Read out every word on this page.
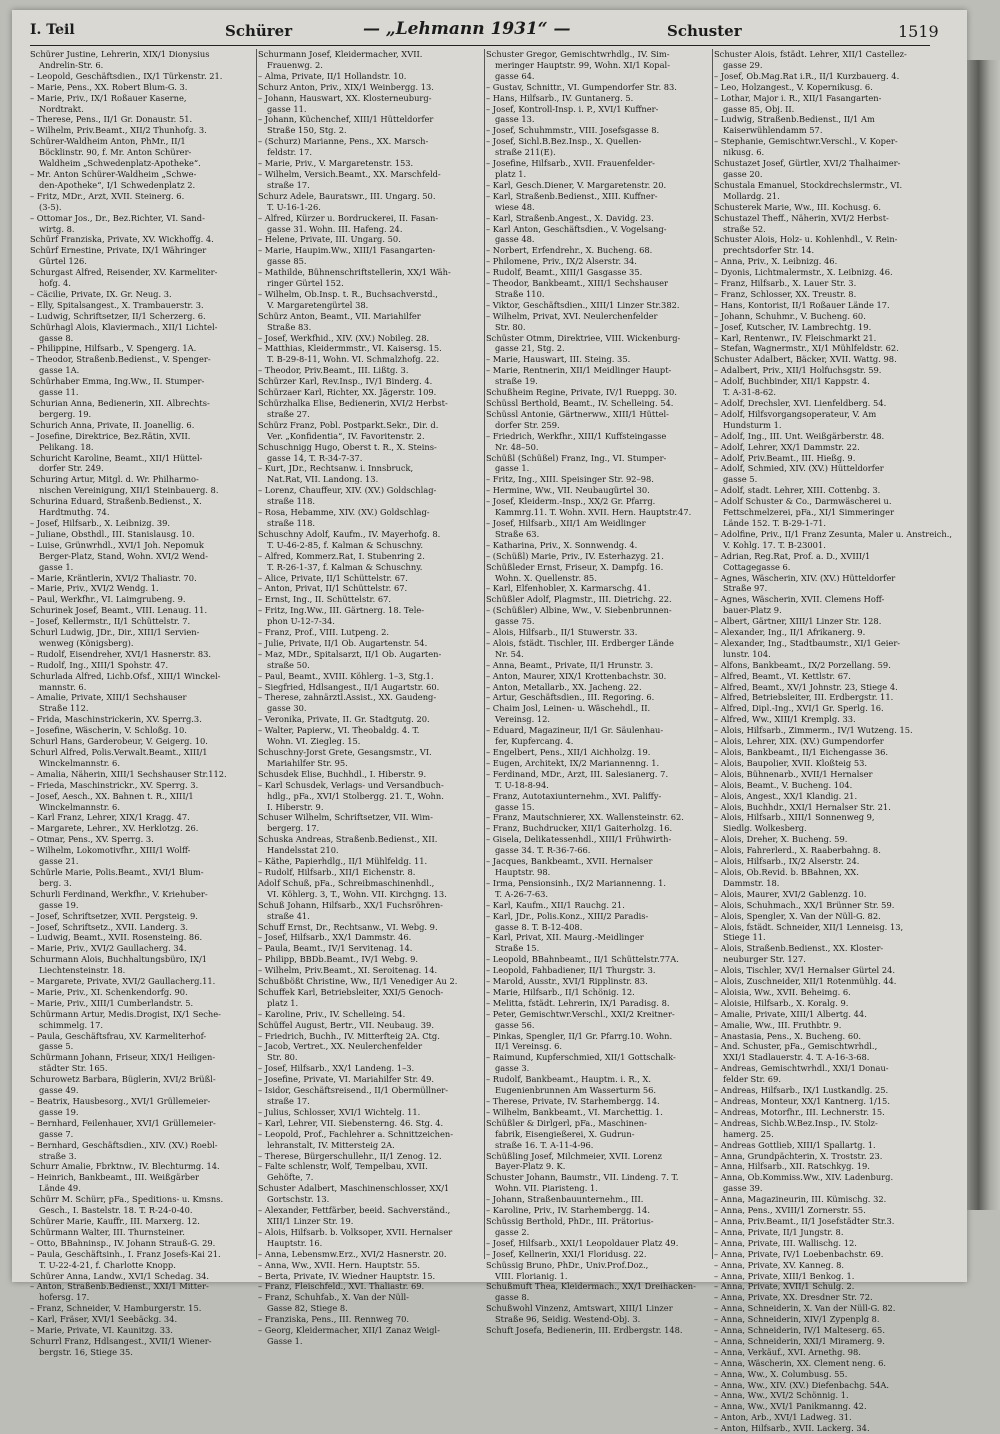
I. Teil	Schürer	— „Lehmann 1931“ —	Schuster	1519
Schürer Justine, Lehrerin, XIX/1 Dionysius
Andrelin-Str. 6.
– Leopold, Geschäftsdien., IX/1 Türkenstr. 21.
– Marie, Pens., XX. Robert Blum-G. 3.
– Marie, Priv., IX/1 Roßauer Kaserne,
Nordtrakt.
– Therese, Pens., II/1 Gr. Donaustr. 51.
– Wilhelm, Priv.Beamt., XII/2 Thunhofg. 3.
Schürer-Waldheim Anton, PhMr., II/1
Böcklinstr. 90, f. Mr. Anton Schürer-
Waldheim „Schwedenplatz-Apotheke“.
– Mr. Anton Schürer-Waldheim „Schwe-
den-Apotheke“, I/1 Schwedenplatz 2.
– Fritz, MDr., Arzt, XVII. Steinerg. 6.
(3-5).
– Ottomar Jos., Dr., Bez.Richter, VI. Sand-
wirtg. 8.
Schürf Franziska, Private, XV. Wickhoffg. 4.
Schürf Ernestine, Private, IX/1 Währinger
Gürtel 126.
Schurgast Alfred, Reisender, XV. Karmeliter-
hofg. 4.
– Cäcilie, Private, IX. Gr. Neug. 3.
– Elly, Spitalsangest., X. Trambauerstr. 3.
– Ludwig, Schriftsetzer, II/1 Scherzerg. 6.
Schürhagl Alois, Klaviermach., XII/1 Lichtel-
gasse 8.
– Philippine, Hilfsarb., V. Spengerg. 1A.
– Theodor, Straßenb.Bedienst., V. Spenger-
gasse 1A.
Schürhaber Emma, Ing.Ww., II. Stumper-
gasse 11.
Schurian Anna, Bedienerin, XII. Albrechts-
bergerg. 19.
Schurich Anna, Private, II. Joanellig. 6.
– Josefine, Direktrice, Bez.Rätin, XVII.
Pelikang. 18.
Schuricht Karoline, Beamt., XII/1 Hüttel-
dorfer Str. 249.
Schuring Artur, Mitgl. d. Wr. Philharmo-
nischen Vereinigung, XII/1 Steinbauerg. 8.
Schurina Eduard, Straßenb.Bedienst., X.
Hardtmuthg. 74.
– Josef, Hilfsarb., X. Leibnizg. 39.
– Juliane, Obsthdl., III. Stanislausg. 10.
– Luise, Grünwrhdl., XVI/1 Joh. Nepomuk
Berger-Platz, Stand, Wohn. XVI/2 Wend-
gasse 1.
– Marie, Kräntlerin, XVI/2 Thaliastr. 70.
– Marie, Priv., XVI/2 Wendg. 1.
– Paul, Werkfhr., VI. Laimgrubeng. 9.
Schurinek Josef, Beamt., VIII. Lenaug. 11.
– Josef, Kellermstr., II/1 Schüttelstr. 7.
Schurl Ludwig, JDr., Dir., XIII/1 Servien-
wenweg (Königsberg).
– Rudolf, Eisendreher, XVI/1 Hasnerstr. 83.
– Rudolf, Ing., XIII/1 Spohstr. 47.
Schurlada Alfred, Lichb.Ofsf., XIII/1 Winckel-
mannstr. 6.
– Amalie, Private, XIII/1 Sechshauser
Straße 112.
– Frida, Maschinstrickerin, XV. Sperrg.3.
– Josefine, Wäscherin, V. Schloßg. 10.
Schurl Hans, Garderobeur, V. Geigerg. 10.
Schurl Alfred, Polis.Verwalt.Beamt., XIII/1
Winckelmannstr. 6.
– Amalia, Näherin, XIII/1 Sechshauser Str.112.
– Frieda, Maschinstrickr., XV. Sperrg. 3.
– Josef, Aesch., XX. Bahnen t. R., XIII/1
Winckelmannstr. 6.
– Karl Franz, Lehrer, XIX/1 Kragg. 47.
– Margarete, Lehrer., XV. Herklotzg. 26.
– Otmar, Pens., XV. Sperrg. 3.
– Wilhelm, Lokomotivfhr., XIII/1 Wolff-
gasse 21.
Schürle Marie, Polis.Beamt., XVI/1 Blum-
berg. 3.
Schurli Ferdinand, Werkfhr., V. Kriehuber-
gasse 19.
– Josef, Schriftsetzer, XVII. Pergsteig. 9.
– Josef, Schriftsetz., XVII. Landerg. 3.
– Ludwig, Beamt., XVII. Rosensteing. 86.
– Marie, Priv., XVI/2 Gaullacherg. 34.
Schurmann Alois, Buchhaltungsbüro, IX/1
Liechtensteinstr. 18.
– Margarete, Private, XVI/2 Gaullacherg.11.
– Marie, Priv., XI. Schenkendorfg. 90.
– Marie, Priv., XIII/1 Cumberlandstr. 5.
Schürmann Artur, Medis.Drogist, IX/1 Seche-
schimmelg. 17.
– Paula, Geschäftsfrau, XV. Karmeliterhof-
gasse 5.
Schürmann Johann, Friseur, XIX/1 Heiligen-
städter Str. 165.
Schurowetz Barbara, Büglerin, XVI/2 Brüßl-
gasse 49.
– Beatrix, Hausbesorg., XVI/1 Grüllemeier-
gasse 19.
– Bernhard, Feilenhauer, XVI/1 Grüllemeier-
gasse 7.
– Bernhard, Geschäftsdien., XIV. (XV.) Roebl-
straße 3.
Schurr Amalie, Fbrktnw., IV. Blechturmg. 14.
– Heinrich, Bankbeamt., III. Weißgärber
Lände 49.
Schürr M. Schürr, pFa., Speditions- u. Kmsns.
Gesch., I. Bastelstr. 18. T. R-24-0-40.
Schürer Marie, Kauffr., III. Marxerg. 12.
Schürmann Walter, III. Thurnsteiner.
– Otto, BBahninsp., IV. Johann Strauß-G. 29.
– Paula, Geschäftsinh., I. Franz Josefs-Kai 21.
T. U-22-4-21, f. Charlotte Knopp.
Schürer Anna, Landw., XVI/1 Schedag. 34.
– Anton, Straßenb.Bedienst., XXI/1 Mitter-
hofersg. 17.
– Franz, Schneider, V. Hamburgerstr. 15.
– Karl, Fräser, XVI/1 Seebäckg. 34.
– Marie, Private, VI. Kaunitzg. 33.
Schurrl Franz, Hdlsangest., XVII/1 Wiener-
bergstr. 16, Stiege 35.
Schurmann Josef, Kleidermacher, XVII.
Frauenwg. 2.
– Alma, Private, II/1 Hollandstr. 10.
Schurz Anton, Priv., XIX/1 Weinbergg. 13.
– Johann, Hauswart, XX. Klosterneuburg-
gasse 11.
– Johann, Küchenchef, XIII/1 Hütteldorfer
Straße 150, Stg. 2.
– (Schurz) Marianne, Pens., XX. Marsch-
feldstr. 17.
– Marie, Priv., V. Margaretenstr. 153.
– Wilhelm, Versich.Beamt., XX. Marschfeld-
straße 17.
Schurz Adele, Bauratswr., III. Ungarg. 50.
T. U-16-1-26.
– Alfred, Kürzer u. Bordruckerei, II. Fasan-
gasse 31. Wohn. III. Hafeng. 24.
– Helene, Private, III. Ungarg. 50.
– Marie, Haupim.Ww., XIII/1 Fasangarten-
gasse 85.
– Mathilde, Bühnenschriftstellerin, XX/1 Wäh-
ringer Gürtel 152.
– Wilhelm, Ob.Insp. t. R., Buchsachverstd.,
V. Margaretengürtel 38.
Schürz Anton, Beamt., VII. Mariahilfer
Straße 83.
– Josef, Werkfhid., XIV. (XV.) Nobileg. 28.
– Matthias, Kleidermmstr., VI. Kaisersg. 15.
T. B-29-8-11, Wohn. VI. Schmalzhofg. 22.
– Theodor, Priv.Beamt., III. Lißtg. 3.
Schürzer Karl, Rev.Insp., IV/1 Binderg. 4.
Schürzaer Karl, Richter, XX. Jägerstr. 109.
Schürzhalka Elise, Bedienerin, XVI/2 Herbst-
straße 27.
Schürz Franz, Pobl. Postparkt.Sekr., Dir. d.
Ver. „Konfidentia“, IV. Favoritenstr. 2.
Schuschnigg Hugo, Oberst t. R., X. Steins-
gasse 14, T. R-34-7-37.
– Kurt, JDr., Rechtsanw. i. Innsbruck,
Nat.Rat, VII. Landong. 13.
– Lorenz, Chauffeur, XIV. (XV.) Goldschlag-
straße 118.
– Rosa, Hebamme, XIV. (XV.) Goldschlag-
straße 118.
Schuschny Adolf, Kaufm., IV. Mayerhofg. 8.
T. U-46-2-85, f. Kalman & Schuschny.
– Alfred, Kommerz.Rat, I. Stubenring 2.
T. R-26-1-37, f. Kalman & Schuschny.
– Alice, Private, II/1 Schüttelstr. 67.
– Anton, Privat, II/1 Schüttelstr. 67.
– Ernst, Ing., II. Schüttelstr. 67.
– Fritz, Ing.Ww., III. Gärtnerg. 18. Tele-
phon U-12-7-34.
– Franz, Prof., VIII. Lutpeng. 2.
– Julie, Private, II/1 Ob. Augartenstr. 54.
– Maz, MDr., Spitalsarzt, II/1 Ob. Augarten-
straße 50.
– Paul, Beamt., XVIII. Köhlerg. 1–3, Stg.1.
– Siegfried, Hdlsangest., II/1 Augartstr. 60.
– Therese, zahnärztl.Assist., XX. Gaudeng-
gasse 30.
– Veronika, Private, II. Gr. Stadtgutg. 20.
– Walter, Papierw., VI. Theobaldg. 4. T.
Wohn. VI. Ziegleg. 15.
Schuschny-Jorst Grete, Gesangsmstr., VI.
Mariahilfer Str. 95.
Schusdek Elise, Buchhdl., I. Hiberstr. 9.
– Karl Schusdek, Verlags- und Versandbuch-
hdlg., pFa., XVI/1 Stolbergg. 21. T., Wohn.
I. Hiberstr. 9.
Schuser Wilhelm, Schriftsetzer, VII. Wim-
bergerg. 17.
Schuska Andreas, Straßenb.Bedienst., XII.
Handelsstat 210.
– Käthe, Papierhdlg., II/1 Mühlfeldg. 11.
– Rudolf, Hilfsarb., XII/1 Eichenstr. 8.
Adolf Schuß, pFa., Schreibmaschinenhdl.,
VI. Köhlerg. 3, T., Wohn. VII. Kirchgng. 13.
Schuß Johann, Hilfsarb., XX/1 Fuchsröhren-
straße 41.
Schuff Ernst, Dr., Rechtsanw., VI. Webg. 9.
– Josef, Hilfsarb., XX/1 Dammstr. 46.
– Paula, Beamt., IV/1 Servitenag. 14.
– Philipp, BBDb.Beamt., IV/1 Webg. 9.
– Wilhelm, Priv.Beamt., XI. Seroitenag. 14.
Schußbößt Christine, Ww., II/1 Venediger Au 2.
Schuffek Karl, Betriebsleiter, XXI/5 Genoch-
platz 1.
– Karoline, Priv., IV. Schelleing. 54.
Schüffel August, Bertr., VII. Neubaug. 39.
– Friedrich, Buchh., IV. Mitterfteig 2A. Ctg.
– Jacob, Vertret., XX. Neulerchenfelder
Str. 80.
– Josef, Hilfsarb., XX/1 Landeng. 1–3.
– Josefine, Private, VI. Mariahilfer Str. 49.
– Isidor, Geschäftsreisend., II/1 Obermüllner-
straße 17.
– Julius, Schlosser, XVI/1 Wichtelg. 11.
– Karl, Lehrer, VII. Siebensterng. 46. Stg. 4.
– Leopold, Prof., Fachlehrer a. Schnittzeichen-
lehranstalt, IV. Mittersteig 2A.
– Therese, Bürgerschullehr., II/1 Zenog. 12.
– Falte schlenstr, Wolf, Tempelbau, XVII.
Gehöfte, 7.
Schuster Adalbert, Maschinenschlosser, XX/1
Gortschstr. 13.
– Alexander, Fettfärber, beeid. Sachverständ.,
XIII/1 Linzer Str. 19.
– Alois, Hilfsarb. b. Volksoper, XVII. Hernalser
Hauptstr. 16.
– Anna, Lebensmw.Erz., XVI/2 Hasnerstr. 20.
– Anna, Ww., XVII. Hern. Hauptstr. 55.
– Berta, Private, IV. Wiedner Hauptstr. 15.
– Franz, Fleischfeld., XVI. Thaliastr. 69.
– Franz, Schuhfab., X. Van der Nüll-
Gasse 82, Stiege 8.
– Franziska, Pens., III. Rennweg 70.
– Georg, Kleidermacher, XII/1 Zanaz Weigl-
Gasse 1.
Schuster Gregor, Gemischtwrhdlg., IV. Sim-
meringer Hauptstr. 99, Wohn. XI/1 Kopal-
gasse 64.
– Gustav, Schnittr., VI. Gumpendorfer Str. 83.
– Hans, Hilfsarb., IV. Guntanerg. 5.
– Josef, Kontroll-Insp. i. P., XVI/1 Kuffner-
gasse 13.
– Josef, Schuhmmstr., VIII. Josefsgasse 8.
– Josef, Sichl.B.Bez.Insp., X. Quellen-
straße 211(E).
– Josefine, Hilfsarb., XVII. Frauenfelder-
platz 1.
– Karl, Gesch.Diener, V. Margaretenstr. 20.
– Karl, Straßenb.Bedienst., XIII. Kuffner-
wiese 48.
– Karl, Straßenb.Angest., X. Davidg. 23.
– Karl Anton, Geschäftsdien., V. Vogelsang-
gasse 48.
– Norbert, Erfendrehr., X. Bucheng. 68.
– Philomene, Priv., IX/2 Alserstr. 34.
– Rudolf, Beamt., XIII/1 Gasgasse 35.
– Theodor, Bankbeamt., XIII/1 Sechshauser
Straße 110.
– Viktor, Geschäftsdien., XIII/1 Linzer Str.382.
– Wilhelm, Privat, XVI. Neulerchenfelder
Str. 80.
Schüster Otmm, Direktriee, VIII. Wickenburg-
gasse 21, Stg. 2.
– Marie, Hauswart, III. Steing. 35.
– Marie, Rentnerin, XII/1 Meidlinger Haupt-
straße 19.
Schußheim Regine, Private, IV/1 Rueppg. 30.
Schüssl Berthold, Beamt., IV. Schelleing. 54.
Schüssl Antonie, Gärtnerww., XIII/1 Hüttel-
dorfer Str. 259.
– Friedrich, Werkfhr., XIII/1 Kuffsteingasse
Nr. 48–50.
Schüßl (Schüßel) Franz, Ing., VI. Stumper-
gasse 1.
– Fritz, Ing., XIII. Speisinger Str. 92–98.
– Hermine, Ww., VII. Neubaugürtel 30.
– Josef, Kleiderm.-Insp., XX/2 Gr. Pfarrg.
Kammrg.11. T. Wohn. XVII. Hern. Hauptstr.47.
– Josef, Hilfsarb., XII/1 Am Weidlinger
Straße 63.
– Katharina, Priv., X. Sonnwendg. 4.
– (Schüßl) Marie, Priv., IV. Esterhazyg. 21.
Schüßleder Ernst, Friseur, X. Dampfg. 16.
Wohn. X. Quellenstr. 85.
– Karl, Elfenhobler, X. Karmarschg. 41.
Schüßler Adolf, Plagmstr., III. Dietrichg. 22.
– (Schüßler) Albine, Ww., V. Siebenbrunnen-
gasse 75.
– Alois, Hilfsarb., II/1 Stuwerstr. 33.
– Alois, fstädt. Tischler, III. Erdberger Lände
Nr. 54.
– Anna, Beamt., Private, II/1 Hrunstr. 3.
– Anton, Maurer, XIX/1 Krottenbachstr. 30.
– Anton, Metallarb., XX. Jacheng. 22.
– Artur, Geschäftsdien., III. Regoring. 6.
– Chaim Josl, Leinen- u. Wäschehdl., II.
Vereinsg. 12.
– Eduard, Magazineur, II/1 Gr. Säulenhau-
fer, Kupfercang. 4.
– Engelbert, Pens., XII/1 Aichholzg. 19.
– Eugen, Architekt, IX/2 Mariannenng. 1.
– Ferdinand, MDr., Arzt, III. Salesianerg. 7.
T. U-18-8-94.
– Franz, Autotaxiunternehm., XVI. Paliffy-
gasse 15.
– Franz, Mautschnierer, XX. Wallensteinstr. 62.
– Franz, Buchdrucker, XII/1 Gaiterholzg. 16.
– Gisela, Delikatessenhdl., XIII/1 Frühwirth-
gasse 34. T. R-36-7-66.
– Jacques, Bankbeamt., XVII. Hernalser
Hauptstr. 98.
– Irma, Pensionsinh., IX/2 Mariannenng. 1.
T. A-26-7-63.
– Karl, Kaufm., XII/1 Rauchg. 21.
– Karl, JDr., Polis.Konz., XIII/2 Paradis-
gasse 8. T. B-12-408.
– Karl, Privat, XII. Maurg.-Meidlinger
Straße 15.
– Leopold, BBahnbeamt., II/1 Schüttelstr.77A.
– Leopold, Fahbadiener, II/1 Thurgstr. 3.
– Marold, Ausstr., XVI/1 Ripplinstr. 83.
– Marie, Hilfsarb., II/1 Schönig. 12.
– Melitta, fstädt. Lehrerin, IX/1 Paradisg. 8.
– Peter, Gemischtwr.Verschl., XXI/2 Kreitner-
gasse 56.
– Pinkas, Spengler, II/1 Gr. Pfarrg.10. Wohn.
II/1 Vereinsg. 6.
– Raimund, Kupferschmied, XII/1 Gottschalk-
gasse 3.
– Rudolf, Bankbeamt., Hauptm. i. R., X.
Eugenienbrunnen Am Wasserturm 56.
– Therese, Private, IV. Starhembergg. 14.
– Wilhelm, Bankbeamt., VI. Marchettig. 1.
Schüßler & Dirlgerl, pFa., Maschinen-
fabrik, Eisengießerei, X. Gudrun-
straße 16. T. A-11-4-96.
Schüßling Josef, Milchmeier, XVII. Lorenz
Bayer-Platz 9. K.
Schuster Johann, Baumstr., VII. Lindeng. 7. T.
Wohn. VII. Piaristeng. 1.
– Johann, Straßenbauunternehm., III.
– Karoline, Priv., IV. Starhembergg. 14.
Schüssig Berthold, PhDr., III. Prätorius-
gasse 2.
– Josef, Hilfsarb., XXI/1 Leopoldauer Platz 49.
– Josef, Kellnerin, XXI/1 Floridusg. 22.
Schüssig Bruno, PhDr., Univ.Prof.Doz.,
VIII. Florianig. 1.
Schußmuft Thea, Kleidermach., XX/1 Dreihacken-
gasse 8.
Schußwohl Vinzenz, Amtswart, XIII/1 Linzer
Straße 96, Seidig. Westend-Obj. 3.
Schuft Josefa, Bedienerin, III. Erdbergstr. 148.
Schuster Alois, fstädt. Lehrer, XII/1 Castellez-
gasse 29.
– Josef, Ob.Mag.Rat i.R., II/1 Kurzbauerg. 4.
– Leo, Holzangest., V. Kopernikusg. 6.
– Lothar, Major i. R., XII/1 Fasangarten-
gasse 85, Obj. II.
– Ludwig, Straßenb.Bedienst., II/1 Am
Kaiserwühlendamm 57.
– Stephanie, Gemischtwr.Verschl., V. Koper-
nikusg. 6.
Schustazet Josef, Gürtler, XVI/2 Thalhaimer-
gasse 20.
Schustala Emanuel, Stockdrechslermstr., VI.
Mollardg. 21.
Schusterek Marie, Ww., III. Kochusg. 6.
Schustazel Theff., Näherin, XVI/2 Herbst-
straße 52.
Schuster Alois, Holz- u. Kohlenhdl., V. Rein-
prechtsdorfer Str. 14.
– Anna, Priv., X. Leibnizg. 46.
– Dyonis, Lichtmalermstr., X. Leibnizg. 46.
– Franz, Hilfsarb., X. Lauer Str. 3.
– Franz, Schlosser, XX. Treustr. 8.
– Hans, Kontorist, II/1 Roßauer Lände 17.
– Johann, Schuhmr., V. Bucheng. 60.
– Josef, Kutscher, IV. Lambrechtg. 19.
– Karl, Rentenwr., IV. Fleischmarkt 21.
– Stefan, Wagnermstr., XI/1 Mühlfeldstr. 62.
Schuster Adalbert, Bäcker, XVII. Wattg. 98.
– Adalbert, Priv., XII/1 Holfuchsgstr. 59.
– Adolf, Buchbinder, XII/1 Kappstr. 4.
T. A-31-8-62.
– Adolf, Drechsler, XVI. Lienfeldberg. 54.
– Adolf, Hilfsvorgangsoperateur, V. Am
Hundsturm 1.
– Adolf, Ing., III. Unt. Weißgärberstr. 48.
– Adolf, Lehrer, XX/1 Dammstr. 22.
– Adolf, Priv.Beamt., III. Hießg. 9.
– Adolf, Schmied, XIV. (XV.) Hütteldorfer
gasse 5.
– Adolf, stadt. Lehrer, XIII. Cottenbg. 3.
– Adolf Schuster & Co., Darmwäscherei u.
Fettschmelzerei, pFa., XI/1 Simmeringer
Lände 152. T. B-29-1-71.
– Adolfine, Priv., II/1 Franz Zesunta, Maler u. Anstreich.,
V. Kohlg. 17. T. B-23001.
– Adrian, Reg.Rat, Prof. a. D., XVIII/1
Cottagegasse 6.
– Agnes, Wäscherin, XIV. (XV.) Hütteldorfer
Straße 97.
– Agnes, Wäscherin, XVII. Clemens Hoff-
bauer-Platz 9.
– Albert, Gärtner, XIII/1 Linzer Str. 128.
– Alexander, Ing., II/1 Afrikanerg. 9.
– Alexander, Ing., Stadtbaumstr., XI/1 Geier-
lunstr. 104.
– Alfons, Bankbeamt., IX/2 Porzellang. 59.
– Alfred, Beamt., VI. Kettlstr. 67.
– Alfred, Beamt., XV/1 Johnstr. 23, Stiege 4.
– Alfred, Betriebsleiter, III. Erdbergstr. 11.
– Alfred, Dipl.-Ing., XVI/1 Gr. Sperlg. 16.
– Alfred, Ww., XIII/1 Kremplg. 33.
– Alois, Hilfsarb., Zimmerm., IV/1 Wutzeng. 15.
– Alois, Lehrer, XIX. (XV.) Gumpendorfer
– Alois, Bankbeamt., II/1 Eichengasse 36.
– Alois, Baupolier, XVII. Kloßteig 53.
– Alois, Bühnenarb., XVII/1 Hernalser
– Alois, Beamt., V. Bucheng. 104.
– Alois, Angest., XX/1 Klandig. 21.
– Alois, Buchhdr., XXI/1 Hernalser Str. 21.
– Alois, Hilfsarb., XIII/1 Sonnenweg 9,
Siedlg. Wolkesberg.
– Alois, Dreher, X. Bucheng. 59.
– Alois, Fahrerlerd., X. Raaberbahng. 8.
– Alois, Hilfsarb., IX/2 Alserstr. 24.
– Alois, Ob.Revid. b. BBahnen, XX.
Dammstr. 18.
– Alois, Maurer, XVI/2 Gablenzg. 10.
– Alois, Schuhmach., XX/1 Brünner Str. 59.
– Alois, Spengler, X. Van der Nüll-G. 82.
– Alois, fstädt. Schneider, XII/1 Lenneisg. 13,
Stiege 11.
– Alois, Straßenb.Bedienst., XX. Kloster-
neuburger Str. 127.
– Alois, Tischler, XV/1 Hernalser Gürtel 24.
– Alois, Zuschneider, XII/1 Rotenmühlg. 44.
– Aloisia, Ww., XVII. Beheimg. 6.
– Aloisie, Hilfsarb., X. Koralg. 9.
– Amalie, Private, XIII/1 Albertg. 44.
– Amalie, Ww., III. Fruthbtr. 9.
– Anastasia, Pens., X. Bucheng. 60.
– And. Schuster, pFa., Gemischtwrhdl.,
XXI/1 Stadlauerstr. 4. T. A-16-3-68.
– Andreas, Gemischtwrhdl., XXI/1 Donau-
felder Str. 69.
– Andreas, Hilfsarb., IX/1 Lustkandlg. 25.
– Andreas, Monteur, XX/1 Kantnerg. 1/15.
– Andreas, Motorfhr., III. Lechnerstr. 15.
– Andreas, Sichb.W.Bez.Insp., IV. Stolz-
hamerg. 25.
– Andreas Gottlieb, XIII/1 Spallartg. 1.
– Anna, Grundpächterin, X. Troststr. 23.
– Anna, Hilfsarb., XII. Ratschkyg. 19.
– Anna, Ob.Kommiss.Ww., XIV. Ladenburg.
gasse 39.
– Anna, Magazineurin, III. Kümischg. 32.
– Anna, Pens., XVIII/1 Zornerstr. 55.
– Anna, Priv.Beamt., II/1 Josefstädter Str.3.
– Anna, Private, II/1 Jungstr. 8.
– Anna, Private, III. Wallischg. 12.
– Anna, Private, IV/1 Loebenbachstr. 69.
– Anna, Private, XV. Kanneg. 8.
– Anna, Private, XIII/1 Benkog. 1.
– Anna, Private, XVII/1 Schulg. 2.
– Anna, Private, XX. Dresdner Str. 72.
– Anna, Schneiderin, X. Van der Nüll-G. 82.
– Anna, Schneiderin, XIV/1 Zypenplg 8.
– Anna, Schneiderin, IV/1 Malteserg. 65.
– Anna, Schneiderin, XXI/1 Miramerg. 9.
– Anna, Verkäuf., XVI. Arnethg. 98.
– Anna, Wäscherin, XX. Clement neng. 6.
– Anna, Ww., X. Columbusg. 55.
– Anna, Ww., XIV. (XV.) Diefenbachg. 54A.
– Anna, Ww., XVI/2 Schönnig. 1.
– Anna, Ww., XVI/1 Panikmanng. 42.
– Anton, Arb., XVI/1 Ladweg. 31.
– Anton, Hilfsarb., XVII. Lackerg. 34.
